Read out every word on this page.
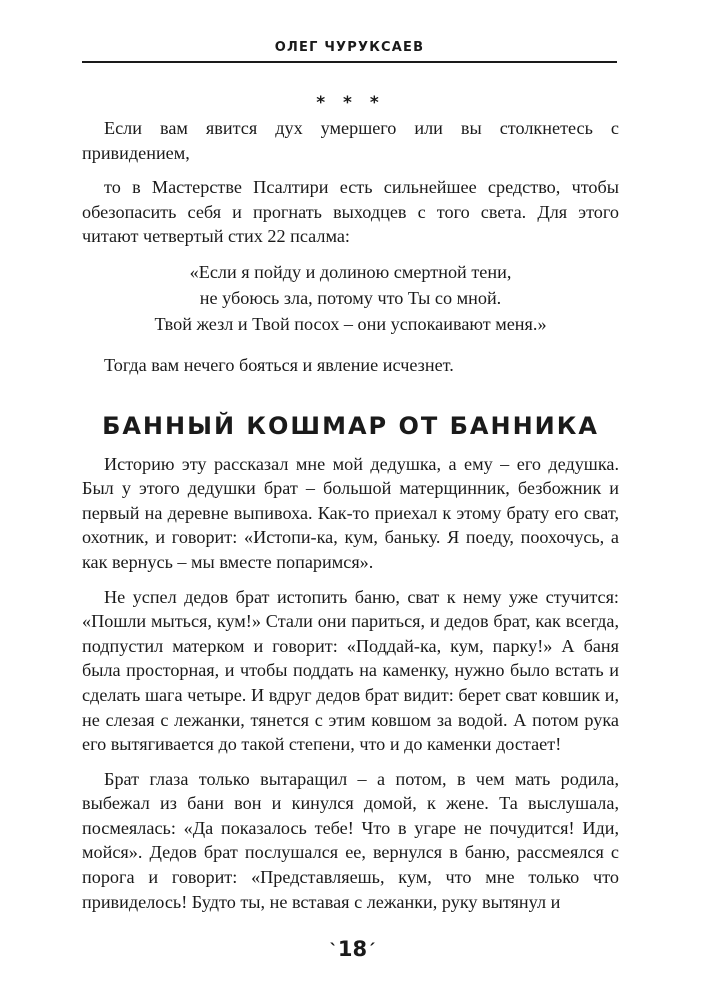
ОЛЕГ ЧУРУКСАЕВ
* * *

Если вам явится дух умершего или вы столкнетесь с привидением,

то в Мастерстве Псалтири есть сильнейшее средство, чтобы обезопасить себя и прогнать выходцев с того света. Для этого читают четвертый стих 22 псалма:

«Если я пойду и долиною смертной тени,
не убоюсь зла, потому что Ты со мной.
Твой жезл и Твой посох – они успокаивают меня.»

Тогда вам нечего бояться и явление исчезнет.

БАННЫЙ КОШМАР ОТ БАННИКА

Историю эту рассказал мне мой дедушка, а ему – его дедушка. Был у этого дедушки брат – большой матерщинник, безбожник и первый на деревне выпивоха. Как-то приехал к этому брату его сват, охотник, и говорит: «Истопи-ка, кум, баньку. Я поеду, поохочусь, а как вернусь – мы вместе попаримся».

Не успел дедов брат истопить баню, сват к нему уже стучится: «Пошли мыться, кум!» Стали они париться, и дедов брат, как всегда, подпустил матерком и говорит: «Поддай-ка, кум, парку!» А баня была просторная, и чтобы поддать на каменку, нужно было встать и сделать шага четыре. И вдруг дедов брат видит: берет сват ковшик и, не слезая с лежанки, тянется с этим ковшом за водой. А потом рука его вытягивается до такой степени, что и до каменки достает!

Брат глаза только вытаращил – а потом, в чем мать родила, выбежал из бани вон и кинулся домой, к жене. Та выслушала, посмеялась: «Да показалось тебе! Что в угаре не почудится! Иди, мойся». Дедов брат послушался ее, вернулся в баню, рассмеялся с порога и говорит: «Представляешь, кум, что мне только что привиделось! Будто ты, не вставая с лежанки, руку вытянул и

`18´
